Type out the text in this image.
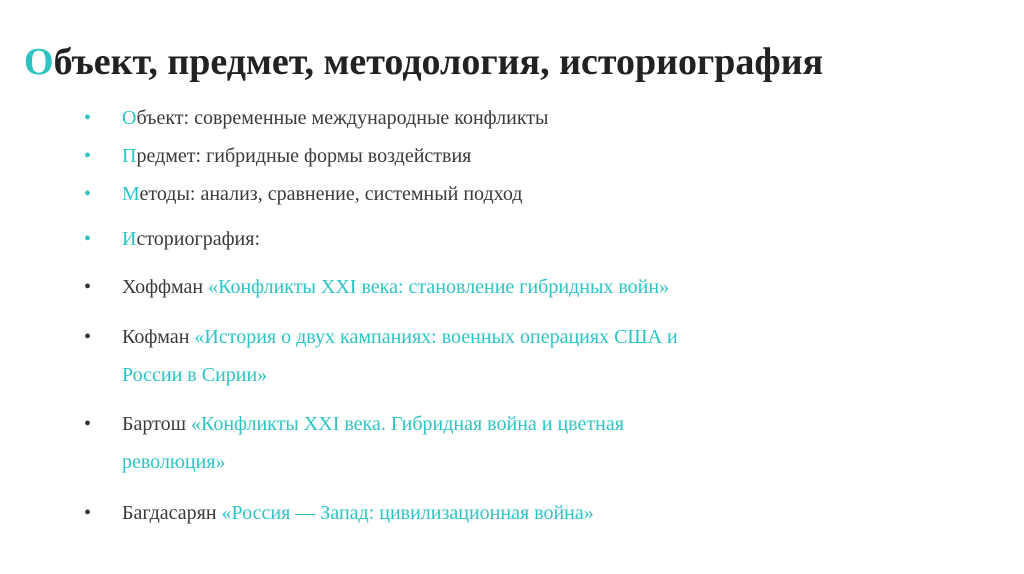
Объект, предмет, методология, историография
• Объект: современные международные конфликты
• Предмет: гибридные формы воздействия
• Методы: анализ, сравнение, системный подход
• Историография:
• Хоффман «Конфликты XXI века: становление гибридных войн»
• Кофман «История о двух кампаниях: военных операциях США и
России в Сирии»
• Бартош «Конфликты XXI века. Гибридная война и цветная
революция»
• Багдасарян «Россия — Запад: цивилизационная война»
